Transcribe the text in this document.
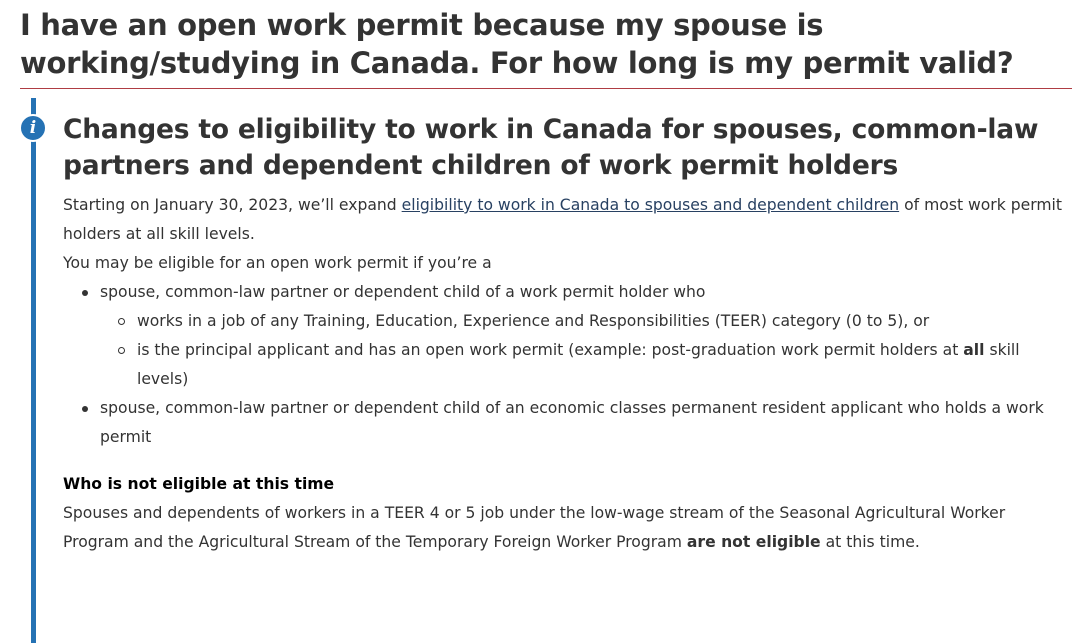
I have an open work permit because my spouse is working/studying in Canada. For how long is my permit valid?
i	Changes to eligibility to work in Canada for spouses, common-law partners and dependent children of work permit holders

Starting on January 30, 2023, we’ll expand eligibility to work in Canada to spouses and dependent children of most work permit holders at all skill levels.

You may be eligible for an open work permit if you’re a

spouse, common-law partner or dependent child of a work permit holder who
works in a job of any Training, Education, Experience and Responsibilities (TEER) category (0 to 5), or
is the principal applicant and has an open work permit (example: post-graduation work permit holders at all skill levels)
spouse, common-law partner or dependent child of an economic classes permanent resident applicant who holds a work permit

Who is not eligible at this time

Spouses and dependents of workers in a TEER 4 or 5 job under the low-wage stream of the Seasonal Agricultural Worker Program and the Agricultural Stream of the Temporary Foreign Worker Program are not eligible at this time.
